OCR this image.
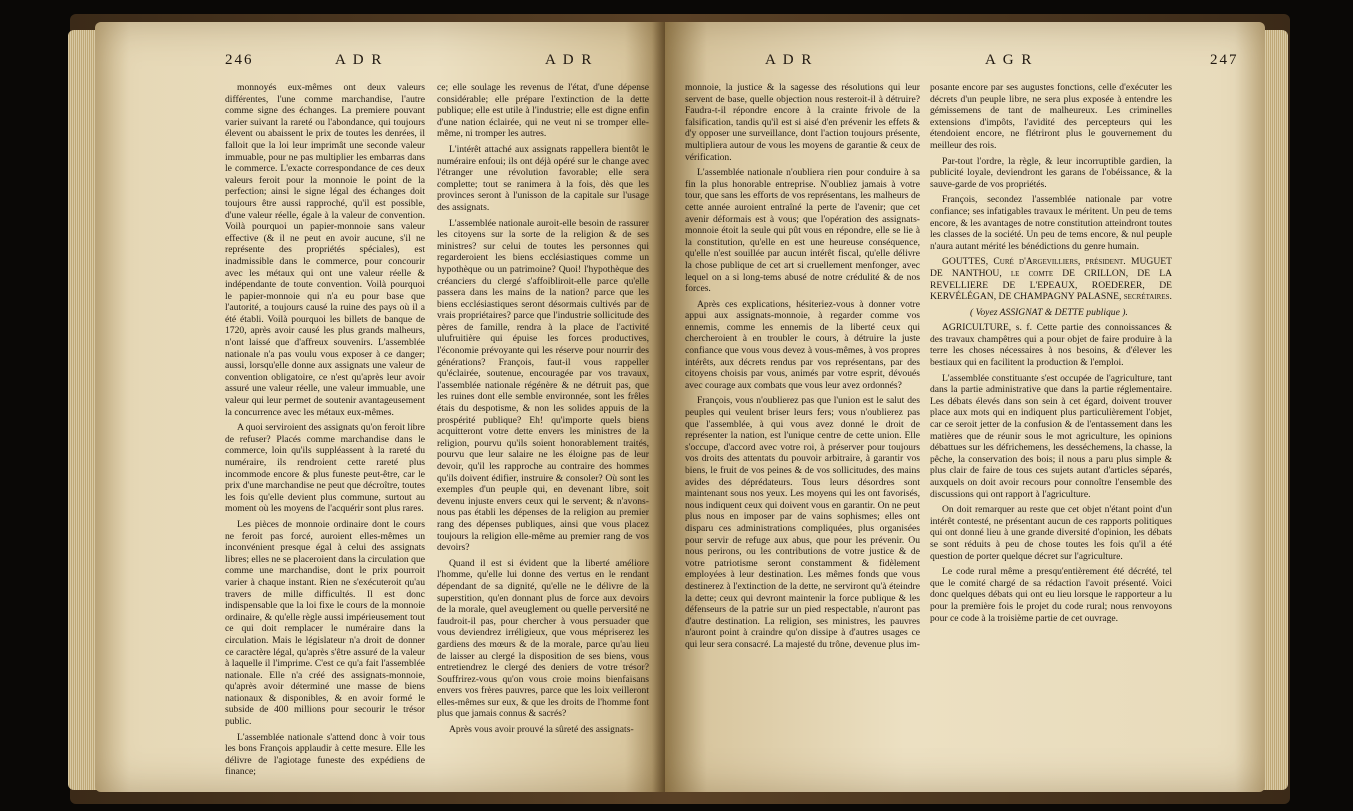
246	A D R	A D R

monnoyés eux-mêmes ont deux valeurs différentes, l'une comme marchandise, l'autre comme signe des échanges. La premiere pouvant varier suivant la rareté ou l'abondance, qui toujours élevent ou abaissent le prix de toutes les denrées, il falloit que la loi leur imprimât une seconde valeur immuable, pour ne pas multiplier les embarras dans le commerce. L'exacte correspondance de ces deux valeurs feroit pour la monnoie le point de la perfection; ainsi le signe légal des échanges doit toujours être aussi rapproché, qu'il est possible, d'une valeur réelle, égale à la valeur de convention. Voilà pourquoi un papier-monnoie sans valeur effective (& il ne peut en avoir aucune, s'il ne représente des propriétés spéciales), est inadmissible dans le commerce, pour concourir avec les métaux qui ont une valeur réelle & indépendante de toute convention. Voilà pourquoi le papier-monnoie qui n'a eu pour base que l'autorité, a toujours causé la ruine des pays où il a été établi. Voilà pourquoi les billets de banque de 1720, après avoir causé les plus grands malheurs, n'ont laissé que d'affreux souvenirs. L'assemblée nationale n'a pas voulu vous exposer à ce danger; aussi, lorsqu'elle donne aux assignats une valeur de convention obligatoire, ce n'est qu'après leur avoir assuré une valeur réelle, une valeur immuable, une valeur qui leur permet de soutenir avantageusement la concurrence avec les métaux eux-mêmes.

A quoi serviroient des assignats qu'on feroit libre de refuser? Placés comme marchandise dans le commerce, loin qu'ils suppléassent à la rareté du numéraire, ils rendroient cette rareté plus incommode encore & plus funeste peut-être, car le prix d'une marchandise ne peut que décroître, toutes les fois qu'elle devient plus commune, surtout au moment où les moyens de l'acquérir sont plus rares.

Les pièces de monnoie ordinaire dont le cours ne feroit pas forcé, auroient elles-mêmes un inconvénient presque égal à celui des assignats libres; elles ne se placeroient dans la circulation que comme une marchandise, dont le prix pourroit varier à chaque instant. Rien ne s'exécuteroit qu'au travers de mille difficultés. Il est donc indispensable que la loi fixe le cours de la monnoie ordinaire, & qu'elle règle aussi impérieusement tout ce qui doit remplacer le numéraire dans la circulation. Mais le législateur n'a droit de donner ce caractère légal, qu'après s'être assuré de la valeur à laquelle il l'imprime. C'est ce qu'a fait l'assemblée nationale. Elle n'a créé des assignats-monnoie, qu'après avoir déterminé une masse de biens nationaux & disponibles, & en avoir formé le subside de 400 millions pour secourir le trésor public.

L'assemblée nationale s'attend donc à voir tous les bons François applaudir à cette mesure. Elle les délivre de l'agiotage funeste des expédiens de finance;

ce; elle soulage les revenus de l'état, d'une dépense considérable; elle prépare l'extinction de la dette publique; elle est utile à l'industrie; elle est digne enfin d'une nation éclairée, qui ne veut ni se tromper elle-même, ni tromper les autres.

L'intérêt attaché aux assignats rappellera bientôt le numéraire enfoui; ils ont déjà opéré sur le change avec l'étranger une révolution favorable; elle sera complette; tout se ranimera à la fois, dès que les provinces seront à l'unisson de la capitale sur l'usage des assignats.

L'assemblée nationale auroit-elle besoin de rassurer les citoyens sur la sorte de la religion & de ses ministres? sur celui de toutes les personnes qui regarderoient les biens ecclésiastiques comme un hypothèque ou un patrimoine? Quoi! l'hypothèque des créanciers du clergé s'affoibliroit-elle parce qu'elle passera dans les mains de la nation? parce que les biens ecclésiastiques seront désormais cultivés par de vrais propriétaires? parce que l'industrie sollicitude des pères de famille, rendra à la place de l'activité ulufruitière qui épuise les forces productives, l'économie prévoyante qui les réserve pour nourrir des générations? François, faut-il vous rappeller qu'éclairée, soutenue, encouragée par vos travaux, l'assemblée nationale régénère & ne détruit pas, que les ruines dont elle semble environnée, sont les frêles étais du despotisme, & non les solides appuis de la prospérité publique? Eh! qu'importe quels biens acquitteront votre dette envers les ministres de la religion, pourvu qu'ils soient honorablement traités, pourvu que leur salaire ne les éloigne pas de leur devoir, qu'il les rapproche au contraire des hommes qu'ils doivent édifier, instruire & consoler? Où sont les exemples d'un peuple qui, en devenant libre, soit devenu injuste envers ceux qui le servent; & n'avons-nous pas établi les dépenses de la religion au premier rang des dépenses publiques, ainsi que vous placez toujours la religion elle-même au premier rang de vos devoirs?

Quand il est si évident que la liberté améliore l'homme, qu'elle lui donne des vertus en le rendant dépendant de sa dignité, qu'elle ne le délivre de la superstition, qu'en donnant plus de force aux devoirs de la morale, quel aveuglement ou quelle perversité ne faudroit-il pas, pour chercher à vous persuader que vous deviendrez irréligieux, que vous mépriserez les gardiens des mœurs & de la morale, parce qu'au lieu de laisser au clergé la disposition de ses biens, vous entretiendrez le clergé des deniers de votre trésor? Souffrirez-vous qu'on vous croie moins bienfaisans envers vos frères pauvres, parce que les loix veilleront elles-mêmes sur eux, & que les droits de l'homme font plus que jamais connus & sacrés?

Après vous avoir prouvé la sûreté des assignats-

A D R	A G R	247

monnoie, la justice & la sagesse des résolutions qui leur servent de base, quelle objection nous resteroit-il à détruire? Faudra-t-il répondre encore à la crainte frivole de la falsification, tandis qu'il est si aisé d'en prévenir les effets & d'y opposer une surveillance, dont l'action toujours présente, multipliera autour de vous les moyens de garantie & ceux de vérification.

L'assemblée nationale n'oubliera rien pour conduire à sa fin la plus honorable entreprise. N'oubliez jamais à votre tour, que sans les efforts de vos représentans, les malheurs de cette année auroient entraîné la perte de l'avenir; que cet avenir déformais est à vous; que l'opération des assignats-monnoie étoit la seule qui pût vous en répondre, elle se lie à la constitution, qu'elle en est une heureuse conséquence, qu'elle n'est souillée par aucun intérêt fiscal, qu'elle délivre la chose publique de cet art si cruellement menfonger, avec lequel on a si long-tems abusé de notre crédulité & de nos forces.

Après ces explications, hésiteriez-vous à donner votre appui aux assignats-monnoie, à regarder comme vos ennemis, comme les ennemis de la liberté ceux qui chercheroient à en troubler le cours, à détruire la juste confiance que vous vous devez à vous-mêmes, à vos propres intérêts, aux décrets rendus par vos représentans, par des citoyens choisis par vous, animés par votre esprit, dévoués avec courage aux combats que vous leur avez ordonnés?

François, vous n'oublierez pas que l'union est le salut des peuples qui veulent briser leurs fers; vous n'oublierez pas que l'assemblée, à qui vous avez donné le droit de représenter la nation, est l'unique centre de cette union. Elle s'occupe, d'accord avec votre roi, à préserver pour toujours vos droits des attentats du pouvoir arbitraire, à garantir vos biens, le fruit de vos peines & de vos sollicitudes, des mains avides des déprédateurs. Tous leurs désordres sont maintenant sous nos yeux. Les moyens qui les ont favorisés, nous indiquent ceux qui doivent vous en garantir. On ne peut plus nous en imposer par de vains sophismes; elles ont disparu ces administrations compliquées, plus organisées pour servir de refuge aux abus, que pour les prévenir. Ou nous perirons, ou les contributions de votre justice & de votre patriotisme seront constamment & fidèlement employées à leur destination. Les mêmes fonds que vous destinerez à l'extinction de la dette, ne serviront qu'à éteindre la dette; ceux qui devront maintenir la force publique & les défenseurs de la patrie sur un pied respectable, n'auront pas d'autre destination. La religion, ses ministres, les pauvres n'auront point à craindre qu'on dissipe à d'autres usages ce qui leur sera consacré. La majesté du trône, devenue plus im-

posante encore par ses augustes fonctions, celle d'exécuter les décrets d'un peuple libre, ne sera plus exposée à entendre les gémissemens de tant de malheureux. Les criminelles extensions d'impôts, l'avidité des percepteurs qui les étendoient encore, ne flétriront plus le gouvernement du meilleur des rois.

Par-tout l'ordre, la règle, & leur incorruptible gardien, la publicité loyale, deviendront les garans de l'obéissance, & la sauve-garde de vos propriétés.

François, secondez l'assemblée nationale par votre confiance; ses infatigables travaux le méritent. Un peu de tems encore, & les avantages de notre constitution atteindront toutes les classes de la société. Un peu de tems encore, & nul peuple n'aura autant mérité les bénédictions du genre humain.

GOUTTES, Curé d'Argevilliers, président. MUGUET DE NANTHOU, le comte DE CRILLON, DE LA REVELLIERE DE L'EPEAUX, ROEDERER, DE KERVÉLÉGAN, DE CHAMPAGNY PALASNE, secrétaires.

( Voyez ASSIGNAT & DETTE publique ).

AGRICULTURE, s. f. Cette partie des connoissances & des travaux champêtres qui a pour objet de faire produire à la terre les choses nécessaires à nos besoins, & d'élever les bestiaux qui en facilitent la production & l'emploi.

L'assemblée constituante s'est occupée de l'agriculture, tant dans la partie administrative que dans la partie réglementaire. Les débats élevés dans son sein à cet égard, doivent trouver place aux mots qui en indiquent plus particulièrement l'objet, car ce seroit jetter de la confusion & de l'entassement dans les matières que de réunir sous le mot agriculture, les opinions débattues sur les défrichemens, les desséchemens, la chasse, la pêche, la conservation des bois; il nous a paru plus simple & plus clair de faire de tous ces sujets autant d'articles séparés, auxquels on doit avoir recours pour connoître l'ensemble des discussions qui ont rapport à l'agriculture.

On doit remarquer au reste que cet objet n'étant point d'un intérêt contesté, ne présentant aucun de ces rapports politiques qui ont donné lieu à une grande diversité d'opinion, les débats se sont réduits à peu de chose toutes les fois qu'il a été question de porter quelque décret sur l'agriculture.

Le code rural même a presqu'entièrement été décrété, tel que le comité chargé de sa rédaction l'avoit présenté. Voici donc quelques débats qui ont eu lieu lorsque le rapporteur a lu pour la première fois le projet du code rural; nous renvoyons pour ce code à la troisième partie de cet ouvrage.
